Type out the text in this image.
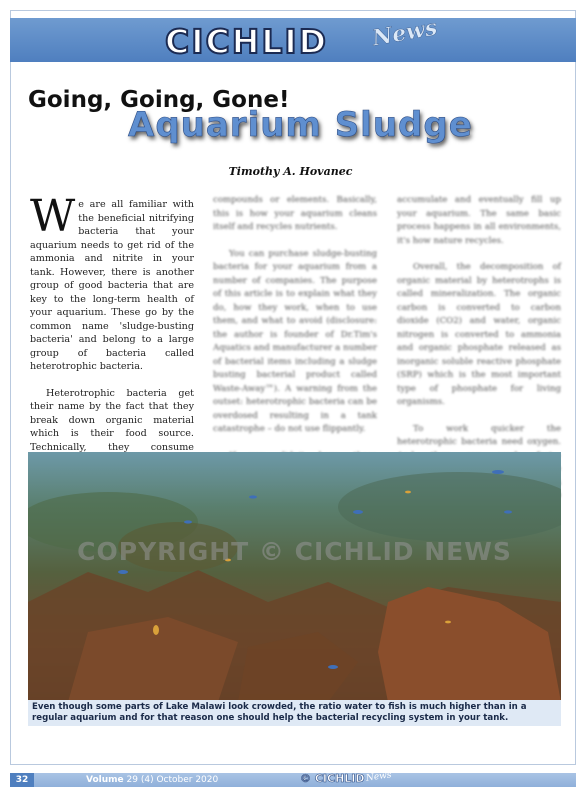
CICHLID News
Going, Going, Gone!
Aquarium Sludge
Timothy A. Hovanec

We are all familiar with the beneficial nitrifying bacteria that your aquarium needs to get rid of the ammonia and nitrite in your tank. However, there is another group of good bacteria that are key to the long-term health of your aquarium. These go by the common name 'sludge-busting bacteria' and belong to a large group of bacteria called heterotrophic bacteria.

Heterotrophic bacteria get their name by the fact that they break down organic material which is their food source. Technically, they consume

compounds or elements. Basically, this is how your aquarium cleans itself and recycles nutrients.

You can purchase sludge-busting bacteria for your aquarium from a number of companies. The purpose of this article is to explain what they do, how they work, when to use them, and what to avoid (disclosure: the author is founder of Dr.Tim's Aquatics and manufacturer a number of bacterial items including a sludge busting bacterial product called Waste-Away™). A warning from the outset: heterotrophic bacteria can be overdosed resulting in a tank catastrophe – do not use flippantly.

accumulate and eventually fill up your aquarium. The same basic process happens in all environments, it's how nature recycles.

Overall, the decomposition of organic material by heterotrophs is called mineralization. The organic carbon is converted to carbon dioxide (CO2) and water, organic nitrogen is converted to ammonia and organic phosphate released as inorganic soluble reactive phosphate (SRP) which is the most important type of phosphate for living organisms.

To work quicker the heterotrophic bacteria need oxygen.

COPYRIGHT © CICHLID NEWS
Even though some parts of Lake Malawi look crowded, the ratio water to fish is much higher than in a regular aquarium and for that reason one should help the bacterial recycling system in your tank.
32	Volume 29 (4) October 2020	© CICHLID News
